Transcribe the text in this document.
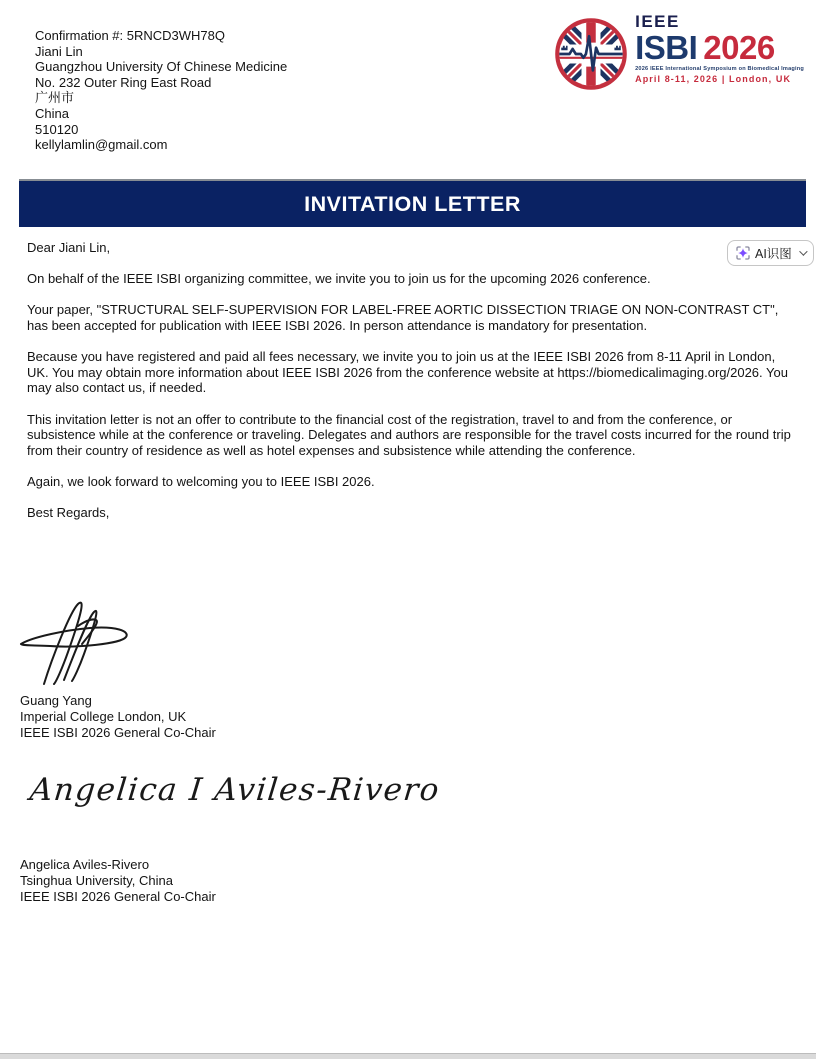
Confirmation #: 5RNCD3WH78Q
Jiani Lin
Guangzhou University Of Chinese Medicine
No. 232 Outer Ring East Road
广州市
China
510120
kellylamlin@gmail.com
IEEE
ISBI 2026
2026 IEEE International Symposium on Biomedical Imaging
April 8-11, 2026 | London, UK
INVITATION LETTER
AI识图

Dear Jiani Lin,

On behalf of the IEEE ISBI organizing committee, we invite you to join us for the upcoming 2026 conference.

Your paper, "STRUCTURAL SELF-SUPERVISION FOR LABEL-FREE AORTIC DISSECTION TRIAGE ON NON-CONTRAST CT", has been accepted for publication with IEEE ISBI 2026. In person attendance is mandatory for presentation.

Because you have registered and paid all fees necessary, we invite you to join us at the IEEE ISBI 2026 from 8-11 April in London, UK. You may obtain more information about IEEE ISBI 2026 from the conference website at https://biomedicalimaging.org/2026. You may also contact us, if needed.

This invitation letter is not an offer to contribute to the financial cost of the registration, travel to and from the conference, or subsistence while at the conference or traveling. Delegates and authors are responsible for the travel costs incurred for the round trip from their country of residence as well as hotel expenses and subsistence while attending the conference.

Again, we look forward to welcoming you to IEEE ISBI 2026.

Best Regards,

Guang Yang
Imperial College London, UK
IEEE ISBI 2026 General Co-Chair
Angelica I Aviles-Rivero
Angelica Aviles-Rivero
Tsinghua University, China
IEEE ISBI 2026 General Co-Chair
